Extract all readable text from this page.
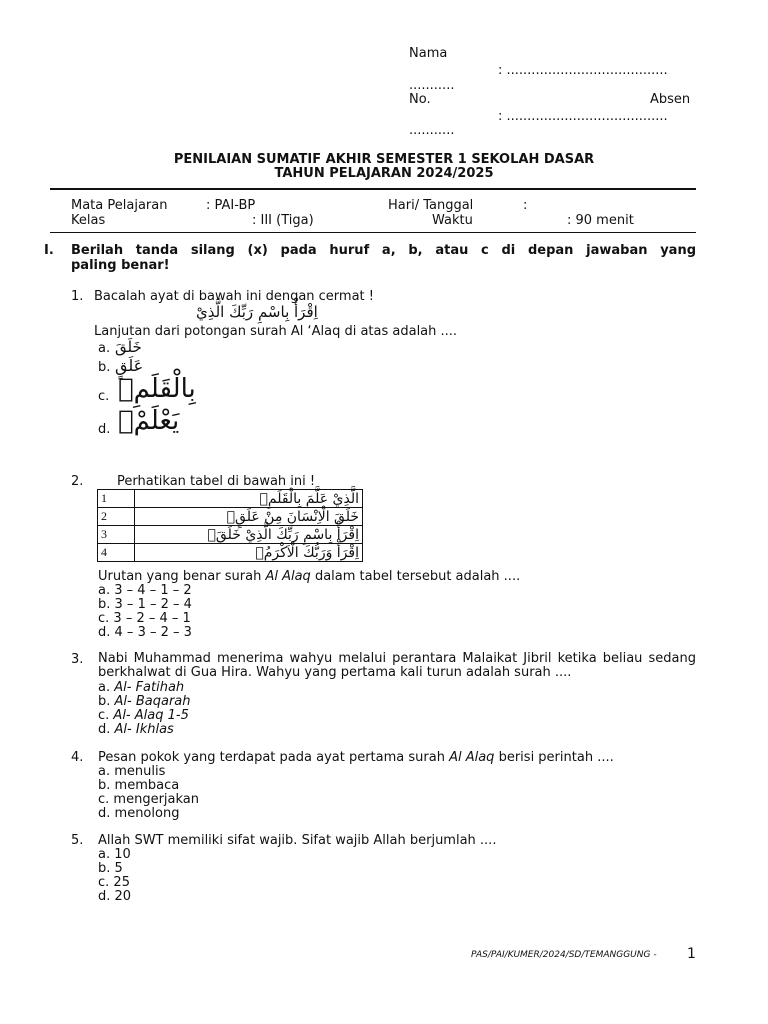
Nama
: .......................................
...........
No.	Absen
: .......................................
...........
PENILAIAN SUMATIF AKHIR SEMESTER 1 SEKOLAH DASAR
TAHUN PELAJARAN 2024/2025
Mata Pelajaran	: PAI-BP	Hari/ Tanggal	:
Kelas	: III (Tiga)	Waktu	: 90 menit
I. Berilah tanda silang (x) pada huruf a, b, atau c di depan jawaban yang
paling benar!
1. Bacalah ayat di bawah ini dengan cermat !
اِقْرَأْ بِاسْمِ رَبِّكَ الَّذِيْ
Lanjutan dari potongan surah Al ‘Alaq di atas adalah ....
a. خَلَقَ
b. عَلَقٍ
c. بِالْقَلَمِۙ
d. يَعْلَمْۗ
2.	Perhatikan tabel di bawah ini !
1	الَّذِيْ عَلَّمَ بِالْقَلَمِۙ
2	خَلَقَ الْاِنْسَانَ مِنْ عَلَقٍۚ
3	اِقْرَأْ بِاسْمِ رَبِّكَ الَّذِيْ خَلَقَۚ
4	اِقْرَأْ وَرَبُّكَ الْاَكْرَمُۙ
Urutan yang benar surah Al Alaq dalam tabel tersebut adalah ....
a. 3 – 4 – 1 – 2
b. 3 – 1 – 2 – 4
c. 3 – 2 – 4 – 1
d. 4 – 3 – 2 – 3
3. Nabi Muhammad menerima wahyu melalui perantara Malaikat Jibril ketika beliau sedang berkhalwat di Gua Hira. Wahyu yang pertama kali turun adalah surah ....
a. Al- Fatihah
b. Al- Baqarah
c. Al- Alaq 1-5
d. Al- Ikhlas
4. Pesan pokok yang terdapat pada ayat pertama surah Al Alaq berisi perintah ....
a. menulis
b. membaca
c. mengerjakan
d. menolong
5. Allah SWT memiliki sifat wajib. Sifat wajib Allah berjumlah ....
a. 10
b. 5
c. 25
d. 20
PAS/PAI/KUMER/2024/SD/TEMANGGUNG - 1
